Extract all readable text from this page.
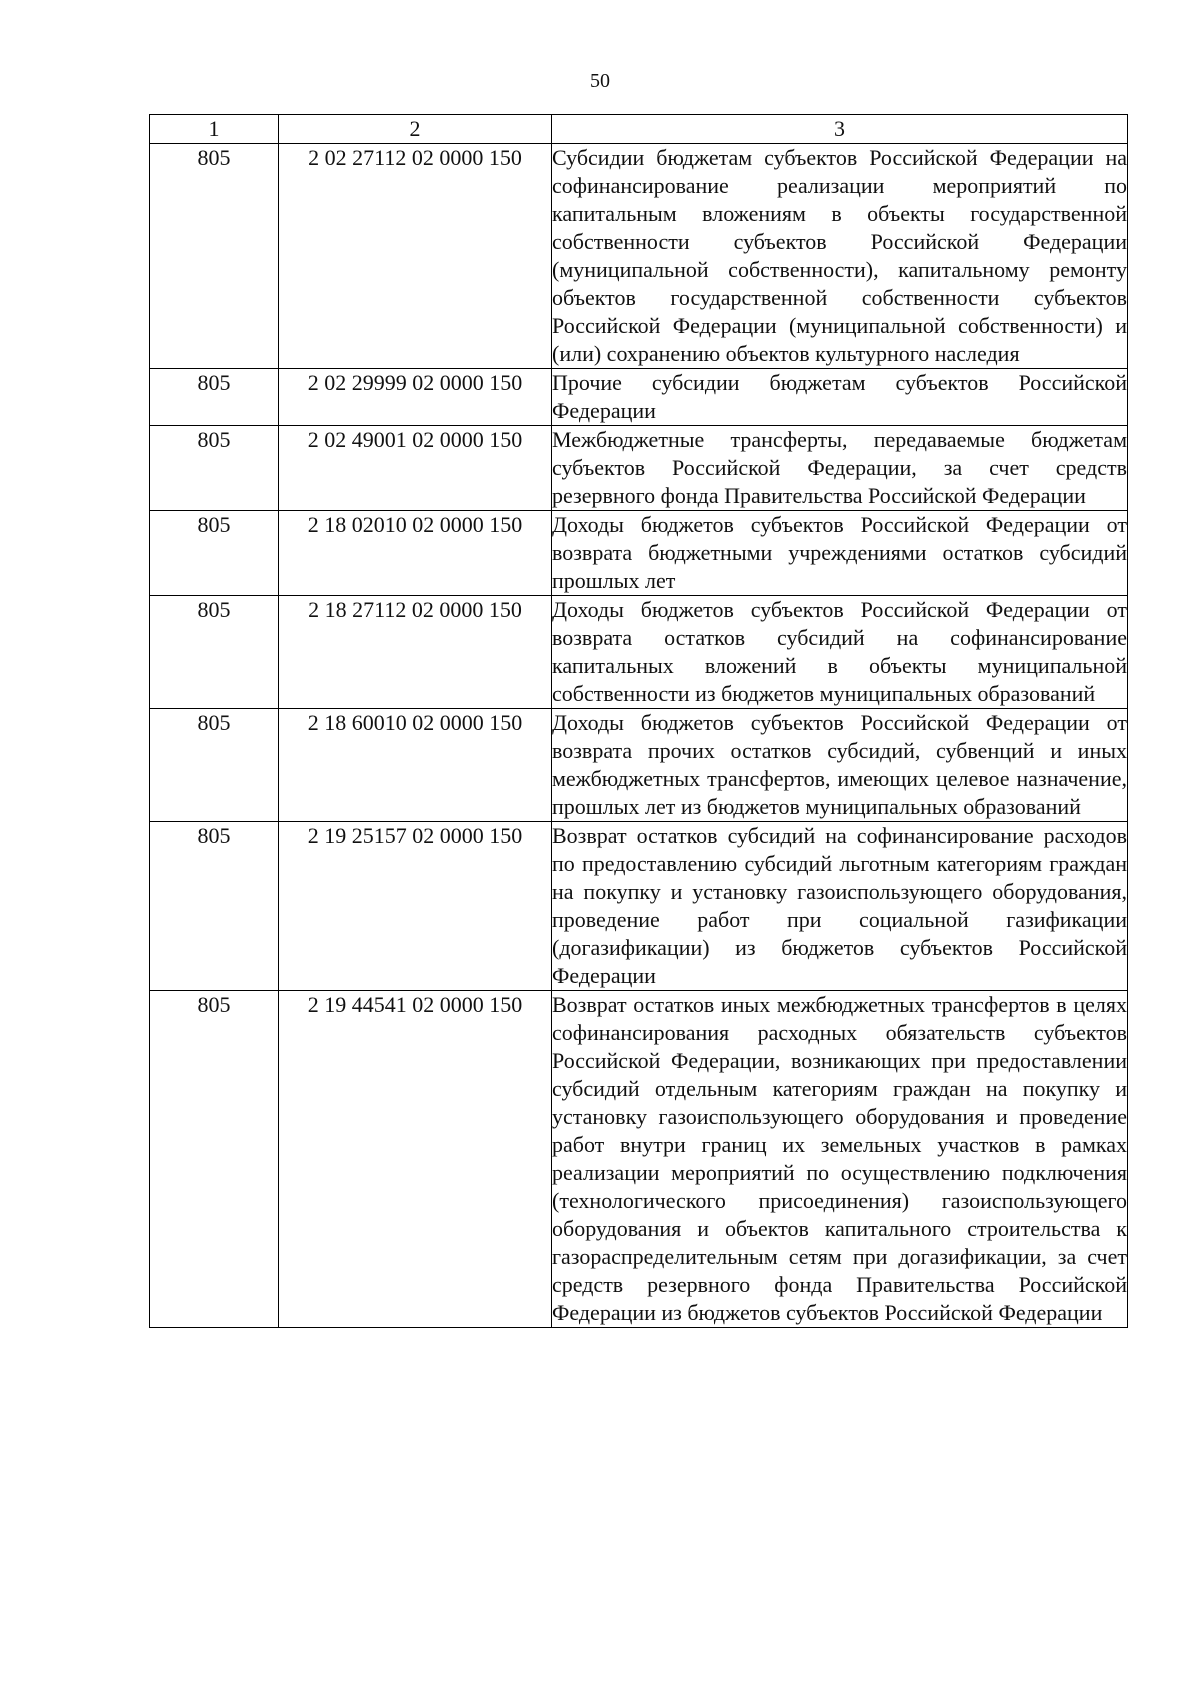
50
1	2	3
805	2 02 27112 02 0000 150	Субсидии бюджетам субъектов Российской Федерации на софинансирование реализации мероприятий по капитальным вложениям в объекты государственной собственности субъектов Российской Федерации (муниципальной собственности), капитальному ремонту объектов государственной собственности субъектов Российской Федерации (муниципальной собственности) и (или) сохранению объектов культурного наследия
805	2 02 29999 02 0000 150	Прочие субсидии бюджетам субъектов Российской Федерации
805	2 02 49001 02 0000 150	Межбюджетные трансферты, передаваемые бюджетам субъектов Российской Федерации, за счет средств резервного фонда Правительства Российской Федерации
805	2 18 02010 02 0000 150	Доходы бюджетов субъектов Российской Федерации от возврата бюджетными учреждениями остатков субсидий прошлых лет
805	2 18 27112 02 0000 150	Доходы бюджетов субъектов Российской Федерации от возврата остатков субсидий на софинансирование капитальных вложений в объекты муниципальной собственности из бюджетов муниципальных образований
805	2 18 60010 02 0000 150	Доходы бюджетов субъектов Российской Федерации от возврата прочих остатков субсидий, субвенций и иных межбюджетных трансфертов, имеющих целевое назначение, прошлых лет из бюджетов муниципальных образований
805	2 19 25157 02 0000 150	Возврат остатков субсидий на софинансирование расходов по предоставлению субсидий льготным категориям граждан на покупку и установку газоиспользующего оборудования, проведение работ при социальной газификации (догазификации) из бюджетов субъектов Российской Федерации
805	2 19 44541 02 0000 150	Возврат остатков иных межбюджетных трансфертов в целях софинансирования расходных обязательств субъектов Российской Федерации, возникающих при предоставлении субсидий отдельным категориям граждан на покупку и установку газоиспользующего оборудования и проведение работ внутри границ их земельных участков в рамках реализации мероприятий по осуществлению подключения (технологического присоединения) газоиспользующего оборудования и объектов капитального строительства к газораспределительным сетям при догазификации, за счет средств резервного фонда Правительства Российской Федерации из бюджетов субъектов Российской Федерации
